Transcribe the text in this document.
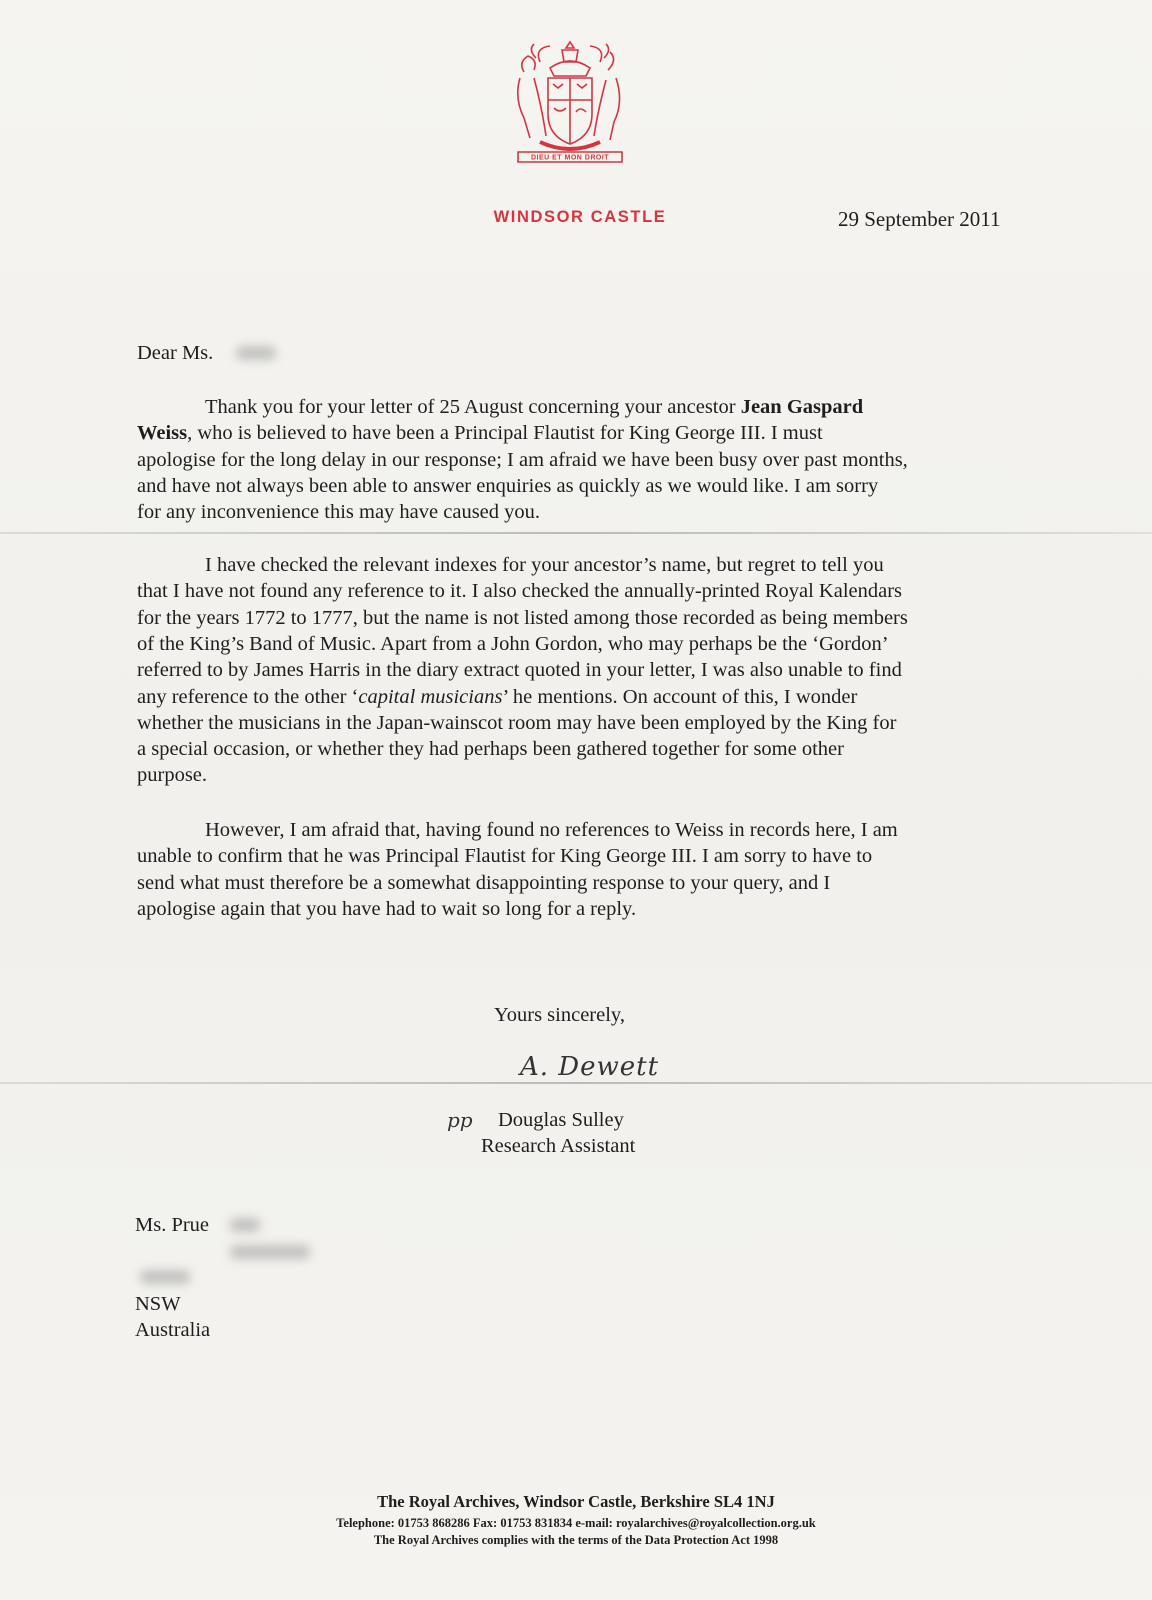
DIEU ET MON DROIT
WINDSOR CASTLE	29 September 2011
Dear Ms.
Thank you for your letter of 25 August concerning your ancestor Jean Gaspard
Weiss, who is believed to have been a Principal Flautist for King George III. I must
apologise for the long delay in our response; I am afraid we have been busy over past months,
and have not always been able to answer enquiries as quickly as we would like. I am sorry
for any inconvenience this may have caused you.
I have checked the relevant indexes for your ancestor’s name, but regret to tell you
that I have not found any reference to it. I also checked the annually-printed Royal Kalendars
for the years 1772 to 1777, but the name is not listed among those recorded as being members
of the King’s Band of Music. Apart from a John Gordon, who may perhaps be the ‘Gordon’
referred to by James Harris in the diary extract quoted in your letter, I was also unable to find
any reference to the other ‘capital musicians’ he mentions. On account of this, I wonder
whether the musicians in the Japan-wainscot room may have been employed by the King for
a special occasion, or whether they had perhaps been gathered together for some other
purpose.
However, I am afraid that, having found no references to Weiss in records here, I am
unable to confirm that he was Principal Flautist for King George III. I am sorry to have to
send what must therefore be a somewhat disappointing response to your query, and I
apologise again that you have had to wait so long for a reply.
Yours sincerely,
A. Dewett
pp Douglas Sulley
Research Assistant
Ms. Prue
NSW
Australia
The Royal Archives, Windsor Castle, Berkshire SL4 1NJ
Telephone: 01753 868286 Fax: 01753 831834 e-mail: royalarchives@royalcollection.org.uk
The Royal Archives complies with the terms of the Data Protection Act 1998
